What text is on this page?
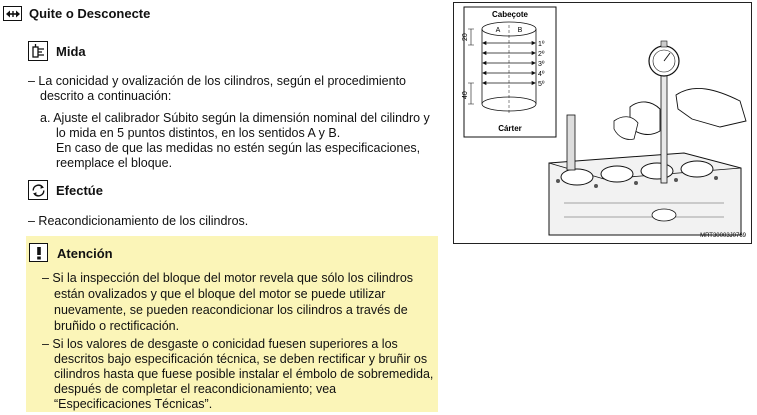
Quite o Desconecte
Mida
– La conicidad y ovalización de los cilindros, según el procedimiento
descrito a continuación:
a. Ajuste el calibrador Súbito según la dimensión nominal del cilindro y
lo mida en 5 puntos distintos, en los sentidos A y B.
En caso de que las medidas no estén según las especificaciones,
reemplace el bloque.
Efectúe
– Reacondicionamiento de los cilindros.
Atención
– Si la inspección del bloque del motor revela que sólo los cilindros
están ovalizados y que el bloque del motor se puede utilizar
nuevamente, se pueden reacondicionar los cilindros a través de
bruñido o rectificación.
– Si los valores de desgaste o conicidad fuesen superiores a los
descritos bajo especificación técnica, se deben rectificar y bruñir os
cilindros hasta que fuese posible instalar el émbolo de sobremedida,
después de completar el reacondicionamiento; vea
“Especificaciones Técnicas”.
Cabeçote
A B
1º
2º
3º
4º
5º
20
40
Cárter
MRT30003J0769
